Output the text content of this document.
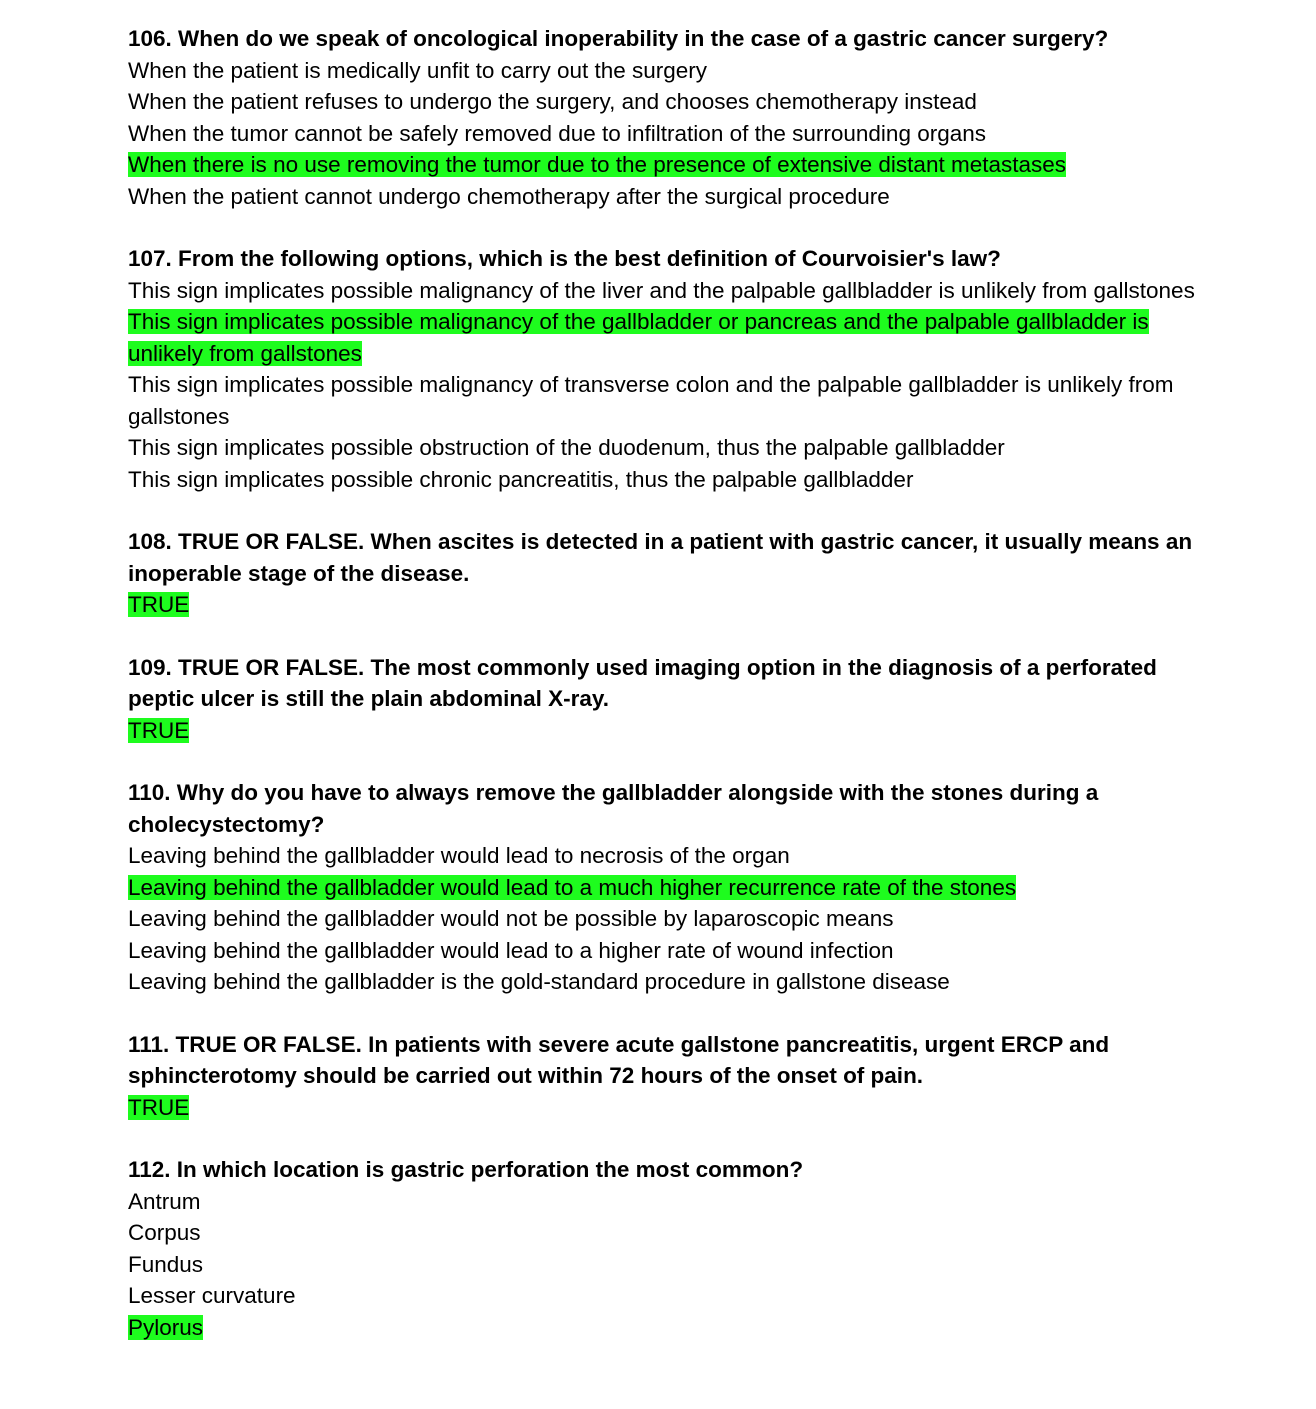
106. When do we speak of oncological inoperability in the case of a gastric cancer surgery?

When the patient is medically unfit to carry out the surgery

When the patient refuses to undergo the surgery, and chooses chemotherapy instead

When the tumor cannot be safely removed due to infiltration of the surrounding organs

When there is no use removing the tumor due to the presence of extensive distant metastases

When the patient cannot undergo chemotherapy after the surgical procedure

107. From the following options, which is the best definition of Courvoisier's law?

This sign implicates possible malignancy of the liver and the palpable gallbladder is unlikely from gallstones

This sign implicates possible malignancy of the gallbladder or pancreas and the palpable gallbladder is unlikely from gallstones

This sign implicates possible malignancy of transverse colon and the palpable gallbladder is unlikely from gallstones

This sign implicates possible obstruction of the duodenum, thus the palpable gallbladder

This sign implicates possible chronic pancreatitis, thus the palpable gallbladder

108. TRUE OR FALSE. When ascites is detected in a patient with gastric cancer, it usually means an inoperable stage of the disease.

TRUE

109. TRUE OR FALSE. The most commonly used imaging option in the diagnosis of a perforated peptic ulcer is still the plain abdominal X-ray.

TRUE

110. Why do you have to always remove the gallbladder alongside with the stones during a cholecystectomy?

Leaving behind the gallbladder would lead to necrosis of the organ

Leaving behind the gallbladder would lead to a much higher recurrence rate of the stones

Leaving behind the gallbladder would not be possible by laparoscopic means

Leaving behind the gallbladder would lead to a higher rate of wound infection

Leaving behind the gallbladder is the gold-standard procedure in gallstone disease

111. TRUE OR FALSE. In patients with severe acute gallstone pancreatitis, urgent ERCP and sphincterotomy should be carried out within 72 hours of the onset of pain.

TRUE

112. In which location is gastric perforation the most common?

Antrum

Corpus

Fundus

Lesser curvature

Pylorus
